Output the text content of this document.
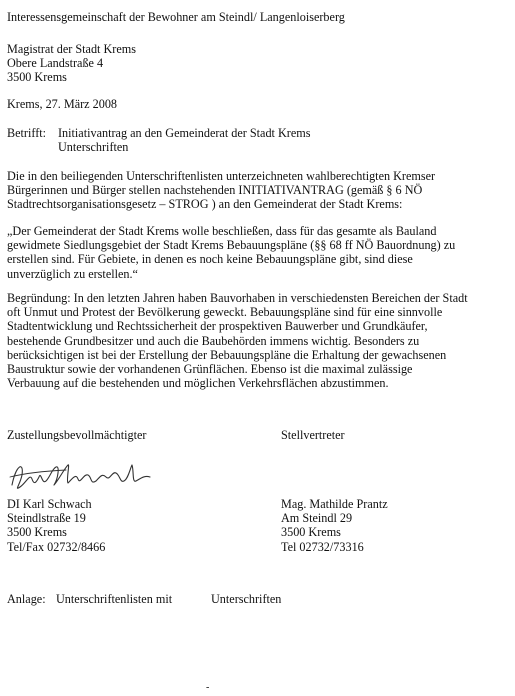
Interessensgemeinschaft der Bewohner am Steindl/ Langenloiserberg
Magistrat der Stadt Krems
Obere Landstraße 4
3500 Krems
Krems, 27. März 2008
Betrifft: Initiativantrag an den Gemeinderat der Stadt Krems
Unterschriften
Die in den beiliegenden Unterschriftenlisten unterzeichneten wahlberechtigten Kremser
Bürgerinnen und Bürger stellen nachstehenden INITIATIVANTRAG (gemäß § 6 NÖ
Stadtrechtsorganisationsgesetz – STROG ) an den Gemeinderat der Stadt Krems:
„Der Gemeinderat der Stadt Krems wolle beschließen, dass für das gesamte als Bauland
gewidmete Siedlungsgebiet der Stadt Krems Bebauungspläne (§§ 68 ff NÖ Bauordnung) zu
erstellen sind. Für Gebiete, in denen es noch keine Bebauungspläne gibt, sind diese
unverzüglich zu erstellen.“
Begründung: In den letzten Jahren haben Bauvorhaben in verschiedensten Bereichen der Stadt
oft Unmut und Protest der Bevölkerung geweckt. Bebauungspläne sind für eine sinnvolle
Stadtentwicklung und Rechtssicherheit der prospektiven Bauwerber und Grundkäufer,
bestehende Grundbesitzer und auch die Baubehörden immens wichtig. Besonders zu
berücksichtigen ist bei der Erstellung der Bebauungspläne die Erhaltung der gewachsenen
Baustruktur sowie der vorhandenen Grünflächen. Ebenso ist die maximal zulässige
Verbauung auf die bestehenden und möglichen Verkehrsflächen abzustimmen.
Zustellungsbevollmächtigter	Stellvertreter
DI Karl Schwach
Steindlstraße 19
3500 Krems
Tel/Fax 02732/8466
Mag. Mathilde Prantz
Am Steindl 29
3500 Krems
Tel 02732/73316
Anlage: Unterschriftenlisten mit	Unterschriften
-
